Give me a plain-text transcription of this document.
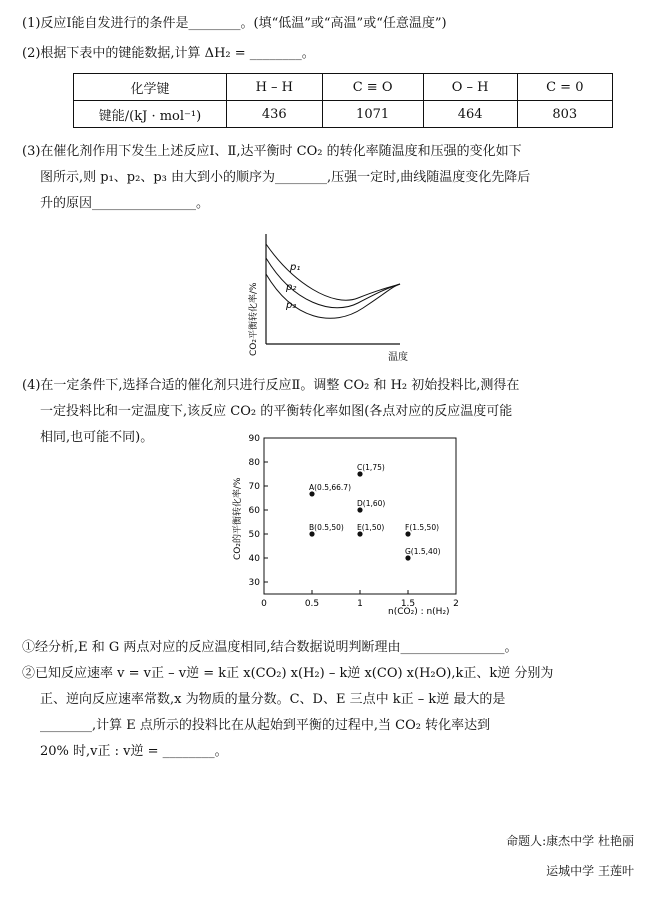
(1)反应Ⅰ能自发进行的条件是________。(填“低温”或“高温”或“任意温度”)
(2)根据下表中的键能数据,计算 ΔH₂ = ________。
化学键	H – H	C ≡ O	O – H	C = 0
键能/(kJ · mol⁻¹)	436	1071	464	803
(3)在催化剂作用下发生上述反应Ⅰ、Ⅱ,达平衡时 CO₂ 的转化率随温度和压强的变化如下
图所示,则 p₁、p₂、p₃ 由大到小的顺序为________,压强一定时,曲线随温度变化先降后
升的原因________________。
CO₂平衡转化率/%
p₁
p₂
p₃
温度
(4)在一定条件下,选择合适的催化剂只进行反应Ⅱ。调整 CO₂ 和 H₂ 初始投料比,测得在
一定投料比和一定温度下,该反应 CO₂ 的平衡转化率如图(各点对应的反应温度可能
相同,也可能不同)。
CO₂的平衡转化率/%
n(CO₂) : n(H₂)
30
40
50
60
70
80
90
0	0.5	1	1.5	2
A(0.5,66.7)
B(0.5,50)
C(1,75)
D(1,60)
E(1,50)	F(1.5,50)
G(1.5,40)
①经分析,E 和 G 两点对应的反应温度相同,结合数据说明判断理由________________。
②已知反应速率 v = v正 – v逆 = k正 x(CO₂) x(H₂) – k逆 x(CO) x(H₂O),k正、k逆 分别为
正、逆向反应速率常数,x 为物质的量分数。C、D、E 三点中 k正 – k逆 最大的是
________,计算 E 点所示的投料比在从起始到平衡的过程中,当 CO₂ 转化率达到
20% 时,v正 : v逆 = ________。
命题人:康杰中学 杜艳丽
运城中学 王莲叶
